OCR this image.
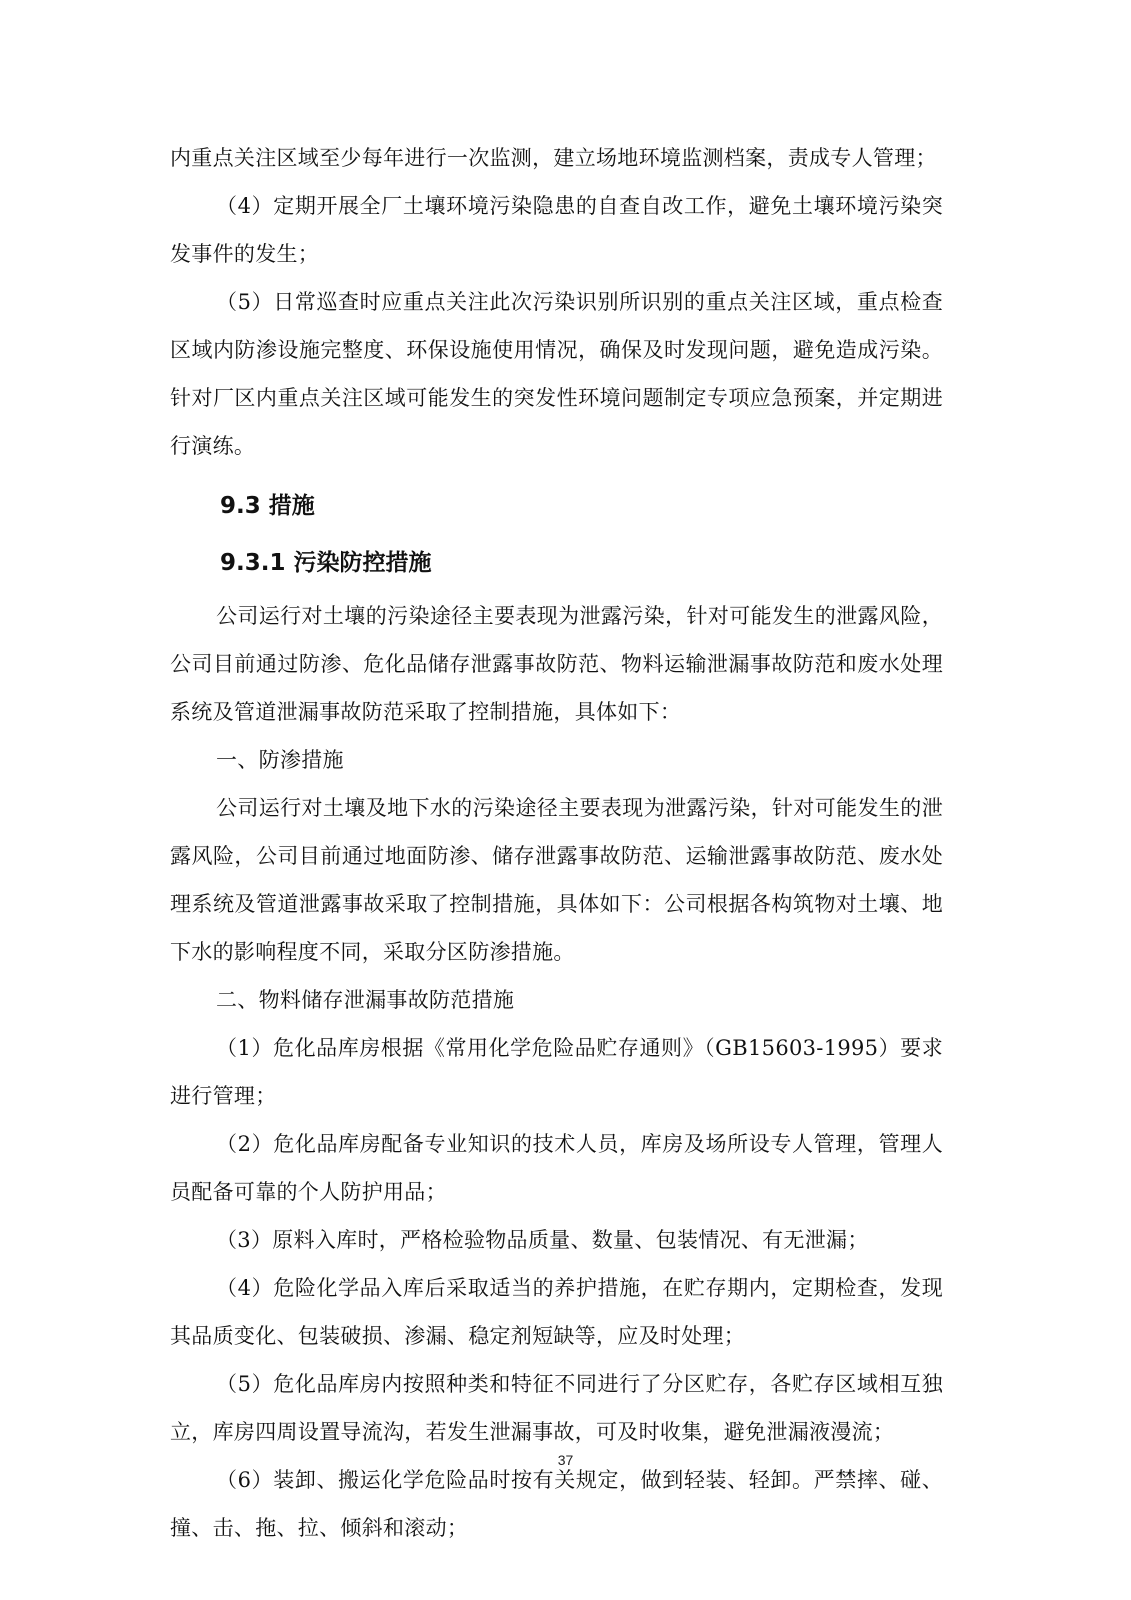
内重点关注区域至少每年进行一次监测，建立场地环境监测档案，责成专人管理；

（4）定期开展全厂土壤环境污染隐患的自查自改工作，避免土壤环境污染突发事件的发生；

（5）日常巡查时应重点关注此次污染识别所识别的重点关注区域，重点检查区域内防渗设施完整度、环保设施使用情况，确保及时发现问题，避免造成污染。针对厂区内重点关注区域可能发生的突发性环境问题制定专项应急预案，并定期进行演练。

9.3 措施
9.3.1 污染防控措施

公司运行对土壤的污染途径主要表现为泄露污染，针对可能发生的泄露风险，公司目前通过防渗、危化品储存泄露事故防范、物料运输泄漏事故防范和废水处理系统及管道泄漏事故防范采取了控制措施，具体如下：

一、防渗措施

公司运行对土壤及地下水的污染途径主要表现为泄露污染，针对可能发生的泄露风险，公司目前通过地面防渗、储存泄露事故防范、运输泄露事故防范、废水处理系统及管道泄露事故采取了控制措施，具体如下：公司根据各构筑物对土壤、地下水的影响程度不同，采取分区防渗措施。

二、物料储存泄漏事故防范措施

（1）危化品库房根据《常用化学危险品贮存通则》（GB15603-1995）要求进行管理；

（2）危化品库房配备专业知识的技术人员，库房及场所设专人管理，管理人员配备可靠的个人防护用品；

（3）原料入库时，严格检验物品质量、数量、包装情况、有无泄漏；

（4）危险化学品入库后采取适当的养护措施，在贮存期内，定期检查，发现其品质变化、包装破损、渗漏、稳定剂短缺等，应及时处理；

（5）危化品库房内按照种类和特征不同进行了分区贮存，各贮存区域相互独立，库房四周设置导流沟，若发生泄漏事故，可及时收集，避免泄漏液漫流；

（6）装卸、搬运化学危险品时按有关规定，做到轻装、轻卸。严禁摔、碰、撞、击、拖、拉、倾斜和滚动；

37
